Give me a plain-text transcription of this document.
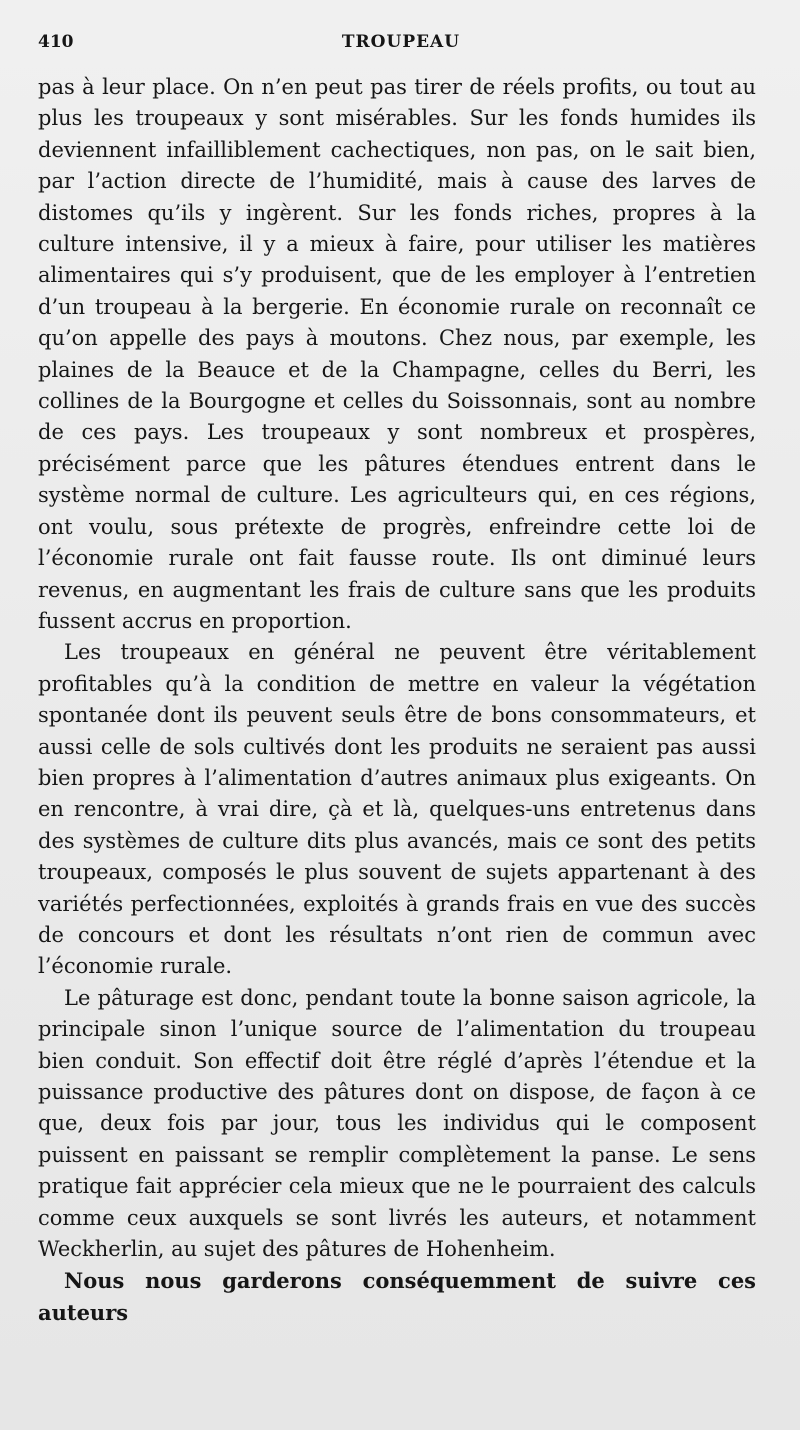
410	TROUPEAU

pas à leur place. On n’en peut pas tirer de réels profits, ou tout au plus les troupeaux y sont misérables. Sur les fonds humides ils deviennent infailliblement cachectiques, non pas, on le sait bien, par l’action directe de l’humidité, mais à cause des larves de distomes qu’ils y ingèrent. Sur les fonds riches, propres à la culture intensive, il y a mieux à faire, pour utiliser les matières alimentaires qui s’y produisent, que de les employer à l’entretien d’un troupeau à la bergerie. En économie rurale on reconnaît ce qu’on appelle des pays à moutons. Chez nous, par exemple, les plaines de la Beauce et de la Champagne, celles du Berri, les collines de la Bourgogne et celles du Soissonnais, sont au nombre de ces pays. Les troupeaux y sont nombreux et prospères, précisément parce que les pâtures étendues entrent dans le système normal de culture. Les agriculteurs qui, en ces régions, ont voulu, sous prétexte de progrès, enfreindre cette loi de l’économie rurale ont fait fausse route. Ils ont diminué leurs revenus, en augmentant les frais de culture sans que les produits fussent accrus en proportion.

Les troupeaux en général ne peuvent être véritablement profitables qu’à la condition de mettre en valeur la végétation spontanée dont ils peuvent seuls être de bons consommateurs, et aussi celle de sols cultivés dont les produits ne seraient pas aussi bien propres à l’alimentation d’autres animaux plus exigeants. On en rencontre, à vrai dire, çà et là, quelques-uns entretenus dans des systèmes de culture dits plus avancés, mais ce sont des petits troupeaux, composés le plus souvent de sujets appartenant à des variétés perfectionnées, exploités à grands frais en vue des succès de concours et dont les résultats n’ont rien de commun avec l’économie rurale.

Le pâturage est donc, pendant toute la bonne saison agricole, la principale sinon l’unique source de l’alimentation du troupeau bien conduit. Son effectif doit être réglé d’après l’étendue et la puissance productive des pâtures dont on dispose, de façon à ce que, deux fois par jour, tous les individus qui le composent puissent en paissant se remplir complètement la panse. Le sens pratique fait apprécier cela mieux que ne le pourraient des calculs comme ceux auxquels se sont livrés les auteurs, et notamment Weckherlin, au sujet des pâtures de Hohenheim.

Nous nous garderons conséquemment de suivre ces auteurs
